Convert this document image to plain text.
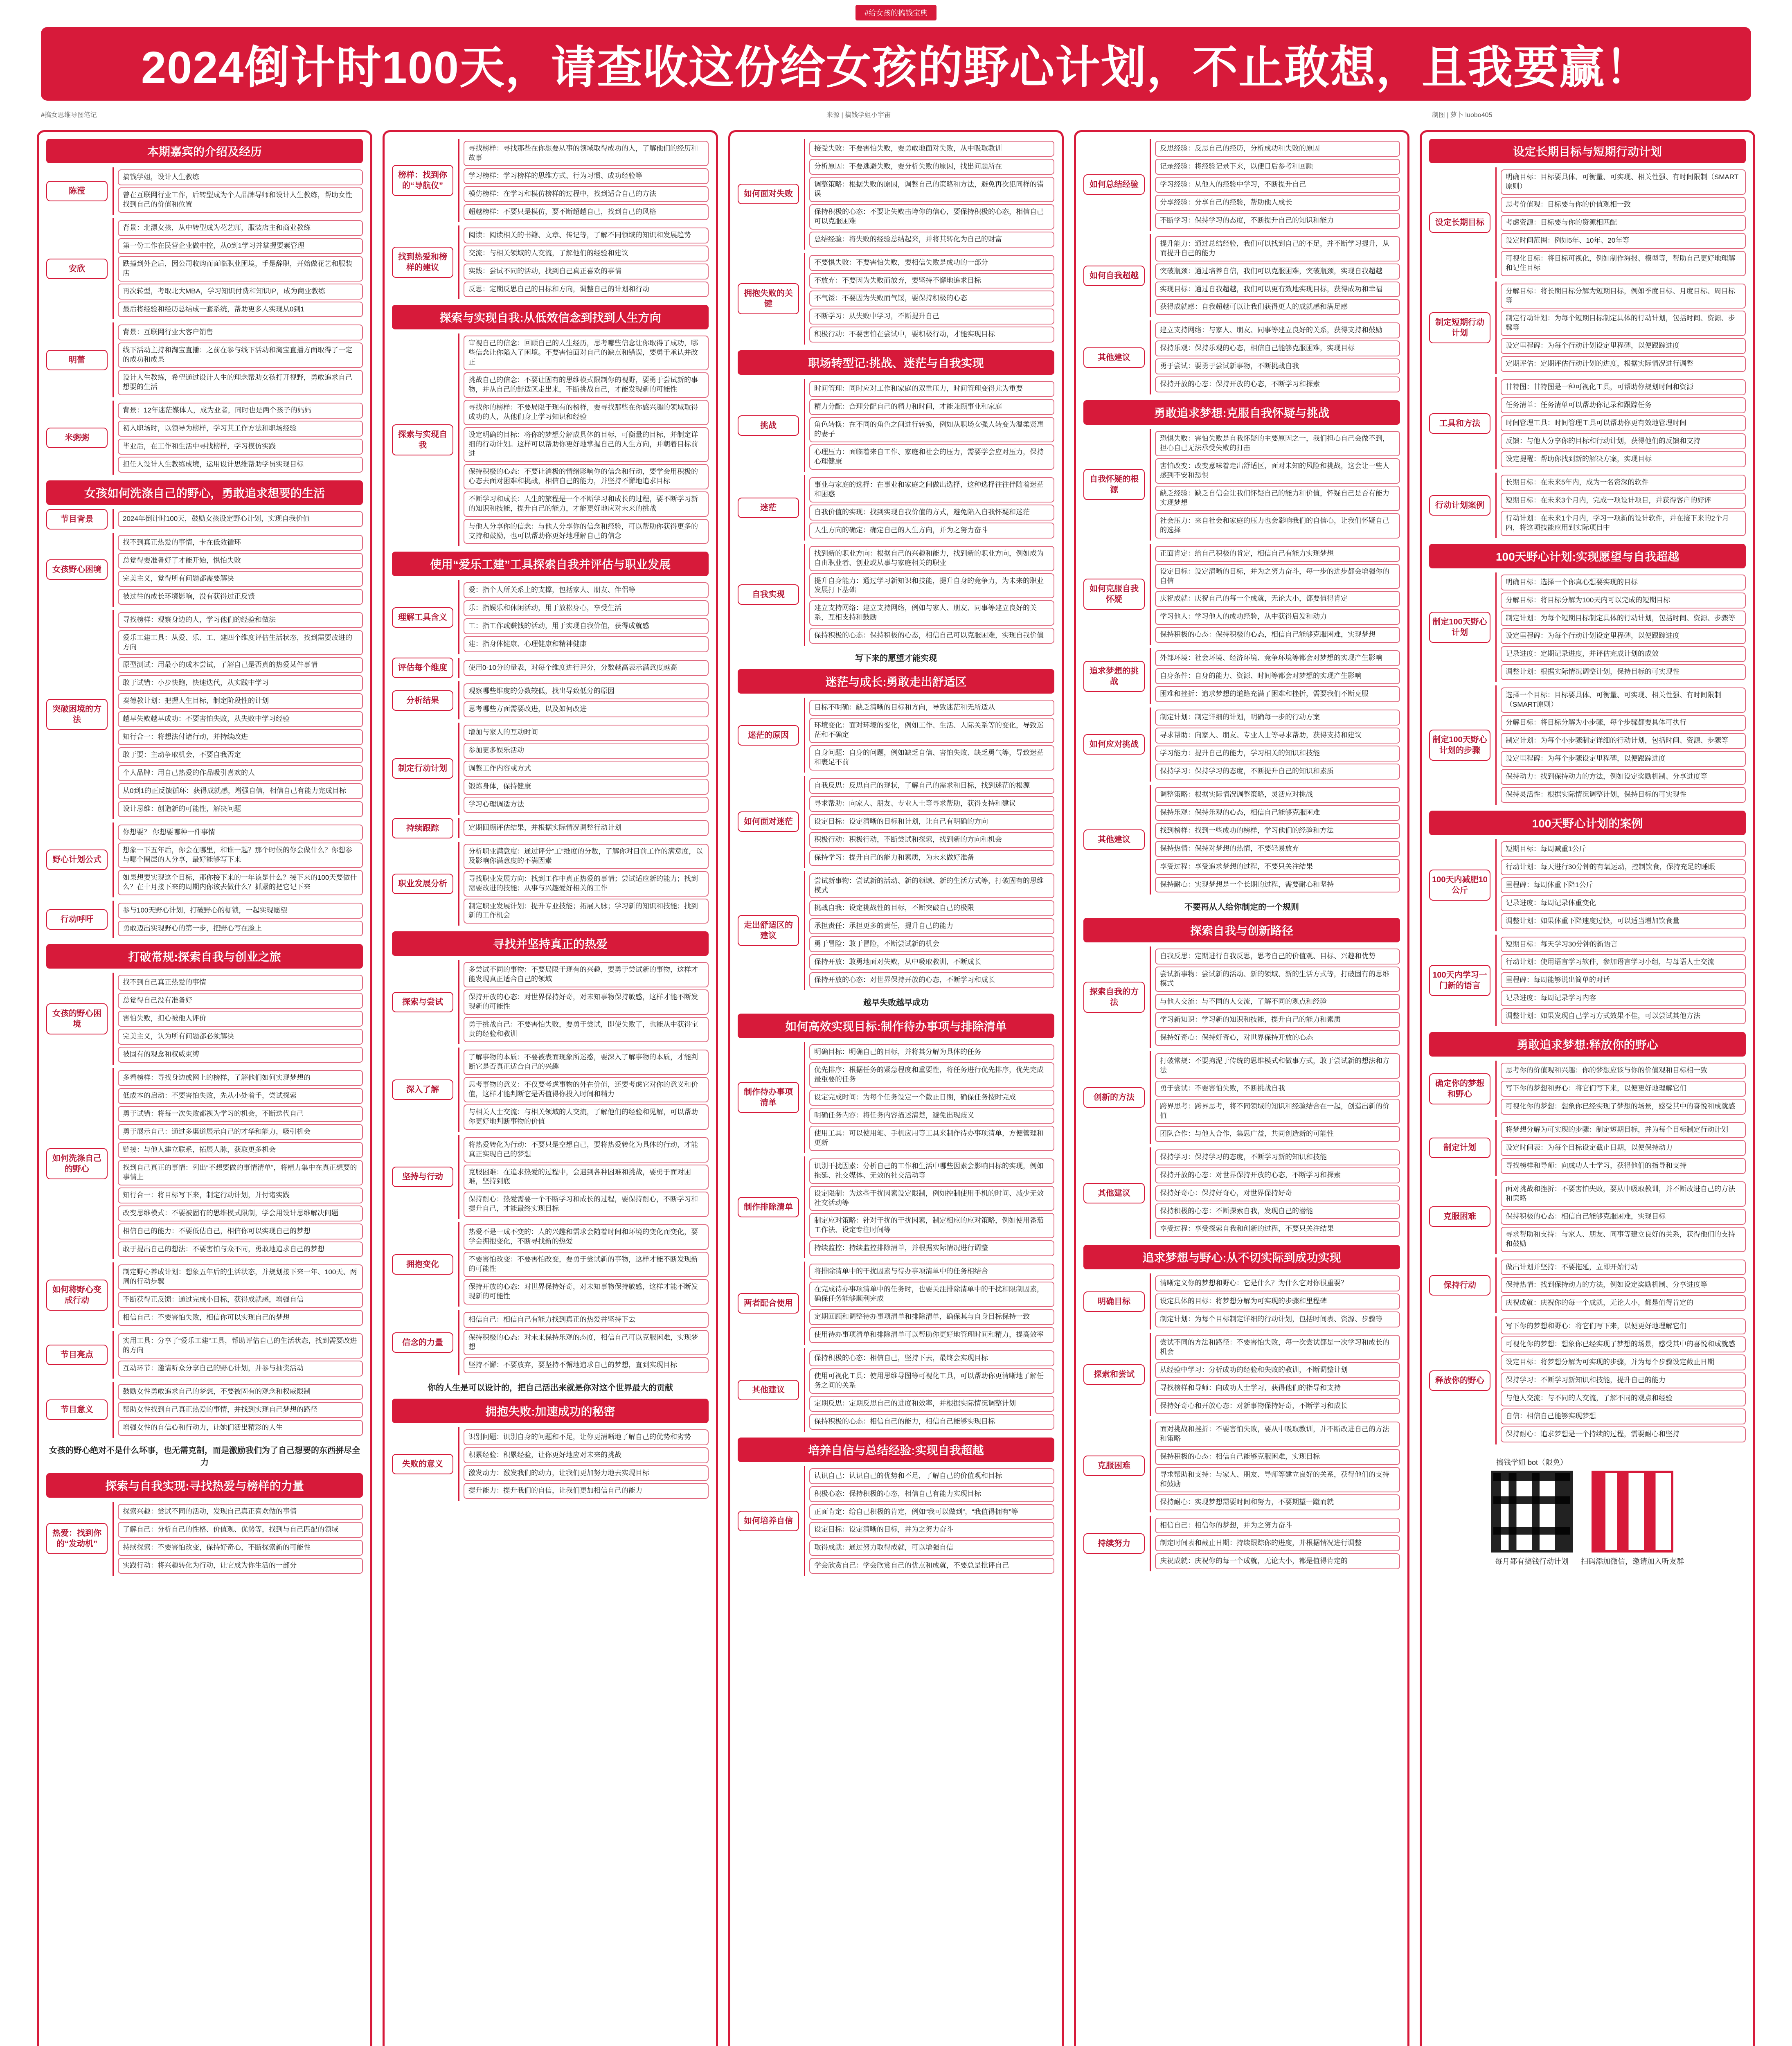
#给女孩的搞钱宝典
2024倒计时100天，请查收这份给女孩的野心计划，不止敢想，且我要赢！
#搞女思维导图笔记	来源 | 搞钱学姐小宇宙	制图 | 萝卜 luobo405
本期嘉宾的介绍及经历
陈滢
搞钱学姐，设计人生教练
曾在互联网行业工作，后转型成为个人品牌导师和设计人生教练，帮助女性找到自己的价值和位置
安欣
背景：北漂女孩，从中转型成为花艺师，服装店主和商业教练
第一份工作在民营企业做中控，从0到1学习并掌握要素管理
跌撞到外企后，因公司收购而面临职业困境，手是辞职，开始做花艺和服装店
再次转型，考取北大MBA，学习知识付费和知识IP，成为商业教练
最后将经验和经历总结成一套系统，帮助更多人实现从0到1
明蕾
背景：互联网行业大客户销售
线下活动主持和淘宝直播：之前在参与线下活动和淘宝直播方面取得了一定的成功和成果
设计人生教练，希望通过设计人生的理念帮助女孩打开视野，勇敢追求自己想要的生活
米粥粥
背景：12年迷茫媒体人，成为业者，同时也是两个孩子的妈妈
初入职场时，以领导为榜样，学习其工作方法和职场经验
毕业后，在工作和生活中寻找榜样，学习模仿实践
担任人设计人生教练成境，运用设计思维帮助学员实现目标
女孩如何洗涤自己的野心，勇敢追求想要的生活
节目背景	2024年倒计时100天，鼓励女孩设定野心计划，实现自我价值
女孩野心困境
找不到真正热爱的事情，卡在低效循环
总觉得要准备好了才能开始，惧怕失败
完美主义，觉得所有问题都需要解决
被过往的成长环境影响，没有获得过正反馈
突破困境的方法
寻找榜样：观察身边的人，学习他们的经验和做法
爱乐工建工具：从爱、乐、工、建四个维度评估生活状态，找到需要改进的方向
原型测试：用最小的成本尝试，了解自己是否真的热爱某件事情
敢于试错：小步快跑，快速迭代，从实践中学习
奏德教计划：把握人生目标，制定阶段性的计划
越早失败越早成功：不要害怕失败，从失败中学习经验
知行合一：将想法付诸行动，并持续改进
敢于要：主动争取机会，不要自我否定
个人品牌：用自己热爱的作品吸引喜欢的人
从0到1的正反馈循环：获得成就感，增强自信，相信自己有能力完成目标
设计思维：创造新的可能性，解决问题
野心计划公式
你想要？ 你想要哪种一件事情
想象一下五年后，你会在哪里，和谁一起？那个时候的你会做什么？你想参与哪个圈层的人分享，最好能够写下来
如果想要实现这个目标，那你接下来的一年该是什么？接下来的100天要做什么？在十月接下来的周期内你该去做什么？抓紧的把它记下来
行动呼吁
参与100天野心计划，打破野心的枷锁，一起实现愿望
勇敢迈出实现野心的第一步，把野心写在脸上
打破常规:探索自我与创业之旅
女孩的野心困境
找不到自己真正热爱的事情
总觉得自己没有准备好
害怕失败，担心被他人评价
完美主义，认为所有问题都必须解决
被固有的观念和权威束缚
如何洗涤自己的野心
多看榜样：寻找身边或网上的榜样，了解他们如何实现梦想的
低成本的启动：不要害怕失败，先从小处着手，尝试探索
勇于试错：将每一次失败都视为学习的机会，不断迭代自己
勇于展示自己：通过多渠道展示自己的才华和能力，吸引机会
链接：与他人建立联系，拓展人脉，获取更多机会
找到自己真正的事情：列出“不想要做的事情清单”，将精力集中在真正想要的事情上
知行合一：将目标写下来，制定行动计划，并付诸实践
改变思维模式：不要被固有的思维模式限制，学会用设计思维解决问题
相信自己的能力：不要低估自己，相信你可以实现自己的梦想
敢于提出自己的想法：不要害怕与众不同，勇敢地追求自己的梦想
如何将野心变成行动
制定野心养成计划：想象五年后的生活状态，并规划接下来一年、100天、两周的行动步骤
不断获得正反馈：通过完成小目标，获得成就感，增强自信
相信自己：不要害怕失败，相信你可以实现自己的梦想
节目亮点
实用工具：分享了“爱乐工建”工具，帮助评估自己的生活状态，找到需要改进的方向
互动环节：邀请听众分享自己的野心计划，并参与抽奖活动
节目意义
鼓励女性勇敢追求自己的梦想，不要被固有的观念和权威限制
帮助女性找到自己真正热爱的事情，并找到实现自己梦想的路径
增强女性的自信心和行动力，让她们活出精彩的人生
女孩的野心绝对不是什么坏事，也无需克制，而是激励我们为了自己想要的东西拼尽全力
探索与自我实现:寻找热爱与榜样的力量
热爱：找到你的“发动机”
探索兴趣：尝试不同的活动，发现自己真正喜欢做的事情
了解自己：分析自己的性格、价值观、优势等，找到与自己匹配的领域
持续探索：不要害怕改变，保持好奇心，不断探索新的可能性
实践行动：将兴趣转化为行动，让它成为你生活的一部分
榜样：找到你的“导航仪”
寻找榜样：寻找那些在你想要从事的领域取得成功的人，了解他们的经历和故事
学习榜样：学习榜样的思维方式、行为习惯、成功经验等
模仿榜样：在学习和模仿榜样的过程中，找到适合自己的方法
超越榜样：不要只是模仿，要不断超越自己，找到自己的风格
找到热爱和榜样的建议
阅读：阅读相关的书籍、文章、传记等，了解不同领域的知识和发展趋势
交流：与相关领域的人交流，了解他们的经验和建议
实践：尝试不同的活动，找到自己真正喜欢的事情
反思：定期反思自己的目标和方向，调整自己的计划和行动
探索与实现自我:从低效信念到找到人生方向
探索与实现自我
审视自己的信念：回顾自己的人生经历，思考哪些信念让你取得了成功，哪些信念让你陷入了困境。不要害怕面对自己的缺点和错误，要勇于承认并改正
挑战自己的信念：不要让固有的思维模式限制你的视野，要勇于尝试新的事物，并从自己的舒适区走出来，不断挑战自己，才能发现新的可能性
寻找你的榜样：不要局限于现有的榜样，要寻找那些在你感兴趣的领域取得成功的人，从他们身上学习知识和经验
设定明确的目标：将你的梦想分解成具体的目标，可衡量的目标，并制定详细的行动计划。这样可以帮助你更好地掌握自己的人生方向，并朝着目标前进
保持积极的心态：不要让消极的情绪影响你的信念和行动，要学会用积极的心态去面对困难和挑战，相信自己的能力，并坚持不懈地追求目标
不断学习和成长：人生的旅程是一个不断学习和成长的过程，要不断学习新的知识和技能，提升自己的能力，才能更好地应对未来的挑战
与他人分享你的信念：与他人分享你的信念和经验，可以帮助你获得更多的支持和鼓励，也可以帮助你更好地理解自己的信念
使用“爱乐工建”工具探索自我并评估与职业发展
理解工具含义
爱：指个人所关系上的支撑，包括家人、朋友、伴侣等
乐：指娱乐和休闲活动，用于放松身心，享受生活
工：指工作或赚钱的活动，用于实现自我价值，获得成就感
建：指身体健康、心理健康和精神健康
评估每个维度	使用0-10分的量表，对每个维度进行评分，分数越高表示满意度越高
分析结果
观察哪些维度的分数较低，找出导致低分的原因
思考哪些方面需要改进，以及如何改进
制定行动计划
增加与家人的互动时间
参加更多娱乐活动
调整工作内容或方式
锻炼身体，保持健康
学习心理调适方法
持续跟踪	定期回顾评估结果，并根据实际情况调整行动计划
职业发展分析
分析职业满意度：通过评分“工”维度的分数，了解你对目前工作的满意度，以及影响你满意度的不满因素
寻找职业发展方向：找到工作中真正热爱的事情；尝试适应新的能力；找到需要改进的技能；从事与兴趣爱好相关的工作
制定职业发展计划：提升专业技能；拓展人脉；学习新的知识和技能；找到新的工作机会
寻找并坚持真正的热爱
探索与尝试
多尝试不同的事物：不要局限于现有的兴趣，要勇于尝试新的事物，这样才能发现真正适合自己的领域
保持开放的心态：对世界保持好奇，对未知事物保持敏感，这样才能不断发现新的可能性
勇于挑战自己：不要害怕失败，要勇于尝试，即使失败了，也能从中获得宝贵的经验和教训
深入了解
了解事物的本质：不要被表面现象所迷惑，要深入了解事物的本质，才能判断它是否真正适合自己的兴趣
思考事物的意义：不仅要考虑事物的外在价值，还要考虑它对你的意义和价值，这样才能判断它是否值得你投入时间和精力
与相关人士交流：与相关领域的人交流，了解他们的经验和见解，可以帮助你更好地判断事物的价值
坚持与行动
将热爱转化为行动：不要只是空想自己，要将热爱转化为具体的行动，才能真正实现自己的梦想
克服困难：在追求热爱的过程中，会遇到各种困难和挑战，要勇于面对困难，坚持到底
保持耐心：热爱需要一个不断学习和成长的过程，要保持耐心，不断学习和提升自己，才能最终实现目标
拥抱变化
热爱不是一成不变的：人的兴趣和需求会随着时间和环境的变化而变化，要学会拥抱变化，不断寻找新的热爱
不要害怕改变：不要害怕改变，要勇于尝试新的事物，这样才能不断发现新的可能性
保持开放的心态：对世界保持好奇，对未知事物保持敏感，这样才能不断发现新的可能性
信念的力量
相信自己：相信自己有能力找到真正的热爱并坚持下去
保持积极的心态：对未来保持乐观的态度，相信自己可以克服困难，实现梦想
坚持不懈：不要放弃，要坚持不懈地追求自己的梦想，直到实现目标
你的人生是可以设计的，把自己活出来就是你对这个世界最大的贡献
拥抱失败:加速成功的秘密
失败的意义
识别问题：识别自身的问题和不足，让你更清晰地了解自己的优势和劣势
积累经验：积累经验，让你更好地应对未来的挑战
激发动力：激发我们的动力，让我们更加努力地去实现目标
提升能力：提升我们的自信，让我们更加相信自己的能力
如何面对失败
接受失败：不要害怕失败，要勇敢地面对失败，从中吸取教训
分析原因：不要逃避失败，要分析失败的原因，找出问题所在
调整策略：根据失败的原因，调整自己的策略和方法，避免再次犯同样的错误
保持积极的心态：不要让失败击垮你的信心，要保持积极的心态，相信自己可以克服困难
总结经验：将失败的经验总结起来，并将其转化为自己的财富
拥抱失败的关键
不要惧失败：不要害怕失败，要相信失败是成功的一部分
不放弃：不要因为失败而放弃，要坚持不懈地追求目标
不气馁：不要因为失败而气馁，要保持积极的心态
不断学习：从失败中学习，不断提升自己
积极行动：不要害怕在尝试中，要积极行动，才能实现目标
职场转型记:挑战、迷茫与自我实现
挑战
时间管理：同时应对工作和家庭的双重压力，时间管理变得尤为重要
精力分配：合理分配自己的精力和时间，才能兼顾事业和家庭
角色转换：在不同的角色之间进行转换，例如从职场女强人转变为温柔贤惠的妻子
心理压力：面临着来自工作、家庭和社会的压力，需要学会应对压力，保持心理健康
迷茫
事业与家庭的选择：在事业和家庭之间做出选择，这种选择往往伴随着迷茫和困惑
自我价值的实现：找到实现自我价值的方式，避免陷入自我怀疑和迷茫
人生方向的确定：确定自己的人生方向，并为之努力奋斗
自我实现
找到新的职业方向：根据自己的兴趣和能力，找到新的职业方向，例如成为自由职业者、创业或从事与家庭相关的职业
提升自身能力：通过学习新知识和技能，提升自身的竞争力，为未来的职业发展打下基础
建立支持网络：建立支持网络，例如与家人、朋友、同事等建立良好的关系，互相支持和鼓励
保持积极的心态：保持积极的心态，相信自己可以克服困难，实现自我价值
写下来的愿望才能实现
迷茫与成长:勇敢走出舒适区
迷茫的原因
目标不明确：缺乏清晰的目标和方向，导致迷茫和无所适从
环境变化：面对环境的变化，例如工作、生活、人际关系等的变化，导致迷茫和不确定
自身问题：自身的问题，例如缺乏自信、害怕失败、缺乏勇气等，导致迷茫和裹足不前
如何面对迷茫
自我反思：反思自己的现状，了解自己的需求和目标，找到迷茫的根源
寻求帮助：向家人、朋友、专业人士等寻求帮助，获得支持和建议
设定目标：设定清晰的目标和计划，让自己有明确的方向
积极行动：积极行动，不断尝试和探索，找到新的方向和机会
保持学习：提升自己的能力和素质，为未来做好准备
走出舒适区的建议
尝试新事物：尝试新的活动、新的领域、新的生活方式等，打破固有的思维模式
挑战自我：设定挑战性的目标，不断突破自己的极限
承担责任：承担更多的责任，提升自己的能力
勇于冒险：敢于冒险，不断尝试新的机会
保持开放：敢勇地面对失败，从中吸取教训，不断成长
保持开放的心态：对世界保持开放的心态，不断学习和成长
越早失败越早成功
如何高效实现目标:制作待办事项与排除清单
制作待办事项清单
明确目标：明确自己的目标，并将其分解为具体的任务
优先排序：根据任务的紧急程度和重要性，将任务进行优先排序，优先完成最重要的任务
设定完成时间：为每个任务设定一个截止日期，确保任务按时完成
明确任务内容：将任务内容描述清楚，避免出现歧义
使用工具：可以使用笔、手机应用等工具来制作待办事项清单，方便管理和更新
制作排除清单
识别干扰因素：分析自己的工作和生活中哪些因素会影响目标的实现，例如拖延、社交媒体、无效的社交活动等
设定限制：为这些干扰因素设定限制，例如控制使用手机的时间、减少无效社交活动等
制定应对策略：针对干扰的干扰因素，制定相应的应对策略，例如使用番茄工作法、设定专注时间等
持续监控：持续监控排除清单，并根据实际情况进行调整
两者配合使用
将排除清单中的干扰因素与待办事项清单中的任务相结合
在完成待办事项清单中的任务时，也要关注排除清单中的干扰和限制因素，确保任务能够顺利完成
定期回顾和调整待办事项清单和排除清单，确保其与自身目标保持一致
使用待办事项清单和排除清单可以帮助你更好地管理时间和精力，提高效率
其他建议
保持积极的心态：相信自己，坚持下去，最终会实现目标
使用可视化工具：使用思维导图等可视化工具，可以帮助你更清晰地了解任务之间的关系
定期反思：定期反思自己的进度和效率，并根据实际情况调整计划
保持积极的心态：相信自己的能力，相信自己能够实现目标
培养自信与总结经验:实现自我超越
如何培养自信
认识自己：认识自己的优势和不足，了解自己的价值观和目标
积极心态：保持积极的心态，相信自己有能力实现目标
正面肯定：给自己积极的肯定，例如“我可以做到”，“我值得拥有”等
设定目标：设定清晰的目标，并为之努力奋斗
取得成就：通过努力取得成就，可以增强自信
学会欣赏自己：学会欣赏自己的优点和成就，不要总是批评自己
如何总结经验
反思经验：反思自己的经历，分析成功和失败的原因
记录经验：将经验记录下来，以便日后参考和回顾
学习经验：从他人的经验中学习，不断提升自己
分享经验：分享自己的经验，帮助他人成长
不断学习：保持学习的态度，不断提升自己的知识和能力
如何自我超越
提升能力：通过总结经验，我们可以找到自己的不足，并不断学习提升，从而提升自己的能力
突破瓶颈：通过培养自信，我们可以克服困难，突破瓶颈，实现自我超越
实现目标：通过自我超越，我们可以更有效地实现目标，获得成功和幸福
获得成就感：自我超越可以让我们获得更大的成就感和满足感
其他建议
建立支持网络：与家人、朋友、同事等建立良好的关系，获得支持和鼓励
保持乐观：保持乐观的心态，相信自己能够克服困难，实现目标
勇于尝试：要勇于尝试新事物，不断挑战自我
保持开放的心态：保持开放的心态，不断学习和探索
勇敢追求梦想:克服自我怀疑与挑战
自我怀疑的根源
恐惧失败：害怕失败是自我怀疑的主要原因之一，我们担心自己会做不到，担心自己无法承受失败的打击
害怕改变：改变意味着走出舒适区，面对未知的风险和挑战，这会让一些人感到不安和恐惧
缺乏经验：缺乏自信会让我们怀疑自己的能力和价值，怀疑自己是否有能力实现梦想
社会压力：来自社会和家庭的压力也会影响我们的自信心，让我们怀疑自己的选择
如何克服自我怀疑
正面肯定：给自己积极的肯定，相信自己有能力实现梦想
设定目标：设定清晰的目标，并为之努力奋斗，每一步的进步都会增强你的自信
庆祝成就：庆祝自己的每一个成就，无论大小，都要值得肯定
学习他人：学习他人的成功经验，从中获得启发和动力
保持积极的心态：保持积极的心态，相信自己能够克服困难，实现梦想
追求梦想的挑战
外部环境：社会环境、经济环境、竞争环境等都会对梦想的实现产生影响
自身条件：自身的能力、资源、时间等都会对梦想的实现产生影响
困难和挫折：追求梦想的道路充满了困难和挫折，需要我们不断克服
如何应对挑战
制定计划：制定详细的计划，明确每一步的行动方案
寻求帮助：向家人、朋友、专业人士等寻求帮助，获得支持和建议
学习能力：提升自己的能力，学习相关的知识和技能
保持学习：保持学习的态度，不断提升自己的知识和素质
其他建议
调整策略：根据实际情况调整策略，灵活应对挑战
保持乐观：保持乐观的心态，相信自己能够克服困难
找到榜样：找到一些成功的榜样，学习他们的经验和方法
保持热情：保持对梦想的热情，不要轻易放弃
享受过程：享受追求梦想的过程，不要只关注结果
保持耐心：实现梦想是一个长期的过程，需要耐心和坚持
不要再从人给你制定的一个规则
探索自我与创新路径
探索自我的方法
自我反思：定期进行自我反思，思考自己的价值观、目标、兴趣和优势
尝试新事物：尝试新的活动、新的领域、新的生活方式等，打破固有的思维模式
与他人交流：与不同的人交流，了解不同的观点和经验
学习新知识：学习新的知识和技能，提升自己的能力和素质
保持好奇心：保持好奇心，对世界保持开放的心态
创新的方法
打破常规：不要拘泥于传统的思维模式和做事方式，敢于尝试新的想法和方法
勇于尝试：不要害怕失败，不断挑战自我
跨界思考：跨界思考，将不同领域的知识和经验结合在一起，创造出新的价值
团队合作：与他人合作，集思广益，共同创造新的可能性
其他建议
保持学习：保持学习的态度，不断学习新的知识和技能
保持开放的心态：对世界保持开放的心态，不断学习和探索
保持好奇心：保持好奇心，对世界保持好奇
保持积极的心态：不断探索自我，发现自己的潜能
享受过程：享受探索自我和创新的过程，不要只关注结果
追求梦想与野心:从不切实际到成功实现
明确目标
清晰定义你的梦想和野心：它是什么？为什么它对你很重要？
设定具体的目标：将梦想分解为可实现的步骤和里程碑
制定计划：为每个目标制定详细的行动计划，包括时间表、资源、步骤等
探索和尝试
尝试不同的方法和路径：不要害怕失败，每一次尝试都是一次学习和成长的机会
从经验中学习：分析成功的经验和失败的教训，不断调整计划
寻找榜样和导师：向成功人士学习，获得他们的指导和支持
保持好奇心和开放心态：对新事物保持好奇，不断学习和成长
克服困难
面对挑战和挫折：不要害怕失败，要从中吸取教训，并不断改进自己的方法和策略
保持积极的心态：相信自己能够克服困难，实现目标
寻求帮助和支持：与家人、朋友、导师等建立良好的关系，获得他们的支持和鼓励
保持耐心：实现梦想需要时间和努力，不要期望一蹴而就
持续努力
相信自己：相信你的梦想，并为之努力奋斗
制定时间表和截止日期：持续跟踪你的进度，并根据情况进行调整
庆祝成就：庆祝你的每一个成就，无论大小，都是值得肯定的
设定长期目标与短期行动计划
设定长期目标
明确目标：目标要具体、可衡量、可实现、相关性强、有时间限制（SMART原则）
思考价值观：目标要与你的价值观相一致
考虑资源：目标要与你的资源相匹配
设定时间范围：例如5年、10年、20年等
可视化目标：将目标可视化，例如制作海报、模型等，帮助自己更好地理解和记住目标
制定短期行动计划
分解目标：将长期目标分解为短期目标，例如季度目标、月度目标、周目标等
制定行动计划：为每个短期目标制定具体的行动计划，包括时间、资源、步骤等
设定里程碑：为每个行动计划设定里程碑，以便跟踪进度
定期评估：定期评估行动计划的进度，根据实际情况进行调整
工具和方法
甘特图：甘特图是一种可视化工具，可帮助你规划时间和资源
任务清单：任务清单可以帮助你记录和跟踪任务
时间管理工具：时间管理工具可以帮助你更有效地管理时间
反馈：与他人分享你的目标和行动计划，获得他们的反馈和支持
设定提醒：帮助你找到新的解决方案，实现目标
行动计划案例
长期目标：在未来5年内，成为一名资深的软件
短期目标：在未来3个月内，完成一项设计项目，并获得客户的好评
行动计划：在未来1个月内，学习一项新的设计软件，并在接下来的2个月内，将这项技能应用到实际项目中
100天野心计划:实现愿望与自我超越
制定100天野心计划
明确目标：选择一个你真心想要实现的目标
分解目标：将目标分解为100天内可以完成的短期目标
制定计划：为每个短期目标制定具体的行动计划，包括时间、资源、步骤等
设定里程碑：为每个行动计划设定里程碑，以便跟踪进度
记录进度：定期记录进度，并评估完成计划的成效
调整计划：根据实际情况调整计划，保持目标的可实现性
制定100天野心计划的步骤
选择一个目标：目标要具体、可衡量、可实现、相关性强、有时间限制（SMART原则）
分解目标：将目标分解为小步骤，每个步骤都要具体可执行
制定计划：为每个小步骤制定详细的行动计划，包括时间、资源、步骤等
设定里程碑：为每个步骤设定里程碑，以便跟踪进度
保持动力：找到保持动力的方法，例如设定奖励机制、分享进度等
保持灵活性：根据实际情况调整计划，保持目标的可实现性
100天野心计划的案例
100天内减肥10公斤
短期目标：每周减重1公斤
行动计划：每天进行30分钟的有氧运动，控制饮食，保持充足的睡眠
里程碑：每周体重下降1公斤
记录进度：每周记录体重变化
调整计划：如果体重下降速度过快，可以适当增加饮食量
100天内学习一门新的语言
短期目标：每天学习30分钟的新语言
行动计划：使用语言学习软件，参加语言学习小组，与母语人士交流
里程碑：每周能够说出简单的对话
记录进度：每周记录学习内容
调整计划：如果发现自己学习方式效果不佳，可以尝试其他方法
勇敢追求梦想:释放你的野心
确定你的梦想和野心
思考你的价值观和兴趣：你的梦想应该与你的价值观和目标相一致
写下你的梦想和野心：将它们写下来，以便更好地理解它们
可视化你的梦想：想象你已经实现了梦想的场景，感受其中的喜悦和成就感
制定计划
将梦想分解为可实现的步骤：制定短期目标，并为每个目标制定行动计划
设定时间表：为每个目标设定截止日期，以便保持动力
寻找榜样和导师：向成功人士学习，获得他们的指导和支持
克服困难
面对挑战和挫折：不要害怕失败，要从中吸取教训，并不断改进自己的方法和策略
保持积极的心态：相信自己能够克服困难，实现目标
寻求帮助和支持：与家人、朋友、同事等建立良好的关系，获得他们的支持和鼓励
保持行动
做出计划并坚持：不要拖延，立即开始行动
保持热情：找到保持动力的方法，例如设定奖励机制、分享进度等
庆祝成就：庆祝你的每一个成就，无论大小，都是值得肯定的
释放你的野心
写下你的梦想和野心：将它们写下来，以便更好地理解它们
可视化你的梦想：想象你已经实现了梦想的场景，感受其中的喜悦和成就感
设定目标：将梦想分解为可实现的步骤，并为每个步骤设定截止日期
保持学习：不断学习新知识和技能，提升自己的能力
与他人交流：与不同的人交流，了解不同的观点和经验
自信：相信自己能够实现梦想
保持耐心：追求梦想是一个持续的过程，需要耐心和坚持
搞钱学姐 bot（限免）
每月都有搞钱行动计划	扫码添加微信，邀请加入听友群
